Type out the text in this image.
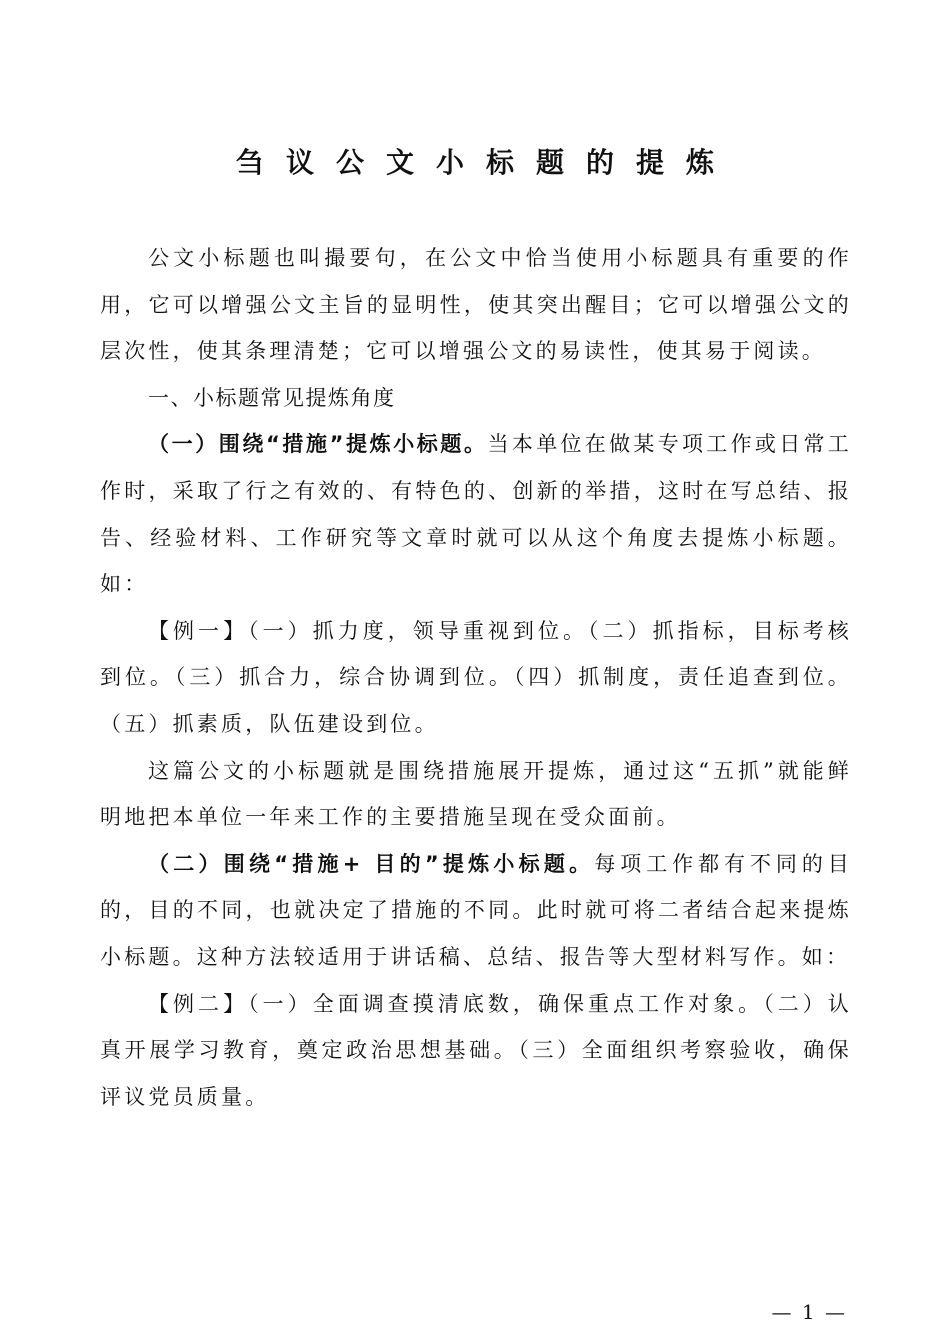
刍议公文小标题的提炼

公文小标题也叫撮要句，在公文中恰当使用小标题具有重要的作用，它可以增强公文主旨的显明性，使其突出醒目；它可以增强公文的层次性，使其条理清楚；它可以增强公文的易读性，使其易于阅读。

一、小标题常见提炼角度

（一）围绕“措施”提炼小标题。当本单位在做某专项工作或日常工作时，采取了行之有效的、有特色的、创新的举措，这时在写总结、报告、经验材料、工作研究等文章时就可以从这个角度去提炼小标题。如：

【例一】（一）抓力度，领导重视到位。（二）抓指标，目标考核到位。（三）抓合力，综合协调到位。（四）抓制度，责任追查到位。（五）抓素质，队伍建设到位。

这篇公文的小标题就是围绕措施展开提炼，通过这“五抓”就能鲜明地把本单位一年来工作的主要措施呈现在受众面前。

（二）围绕“措施+ 目的”提炼小标题。每项工作都有不同的目的，目的不同，也就决定了措施的不同。此时就可将二者结合起来提炼小标题。这种方法较适用于讲话稿、总结、报告等大型材料写作。如：

【例二】（一）全面调查摸清底数，确保重点工作对象。（二）认真开展学习教育，奠定政治思想基础。（三）全面组织考察验收，确保评议党员质量。

— 1 —
